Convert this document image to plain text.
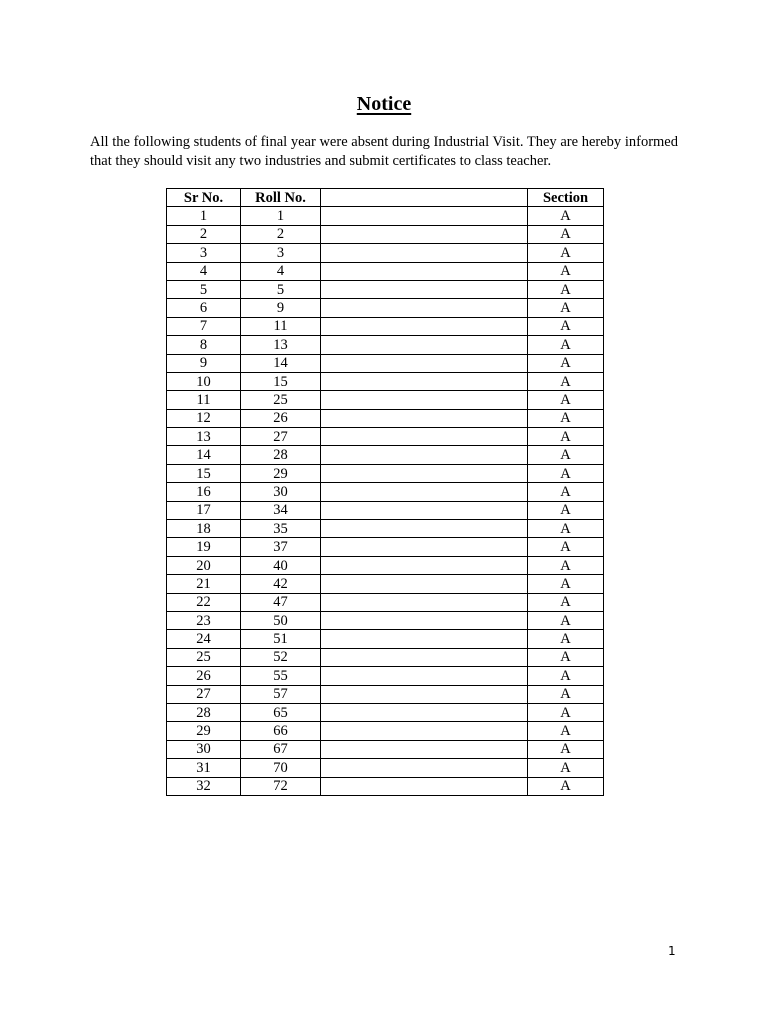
Notice

All the following students of final year were absent during Industrial Visit. They are hereby informed that they should visit any two industries and submit certificates to class teacher.

Sr No.	Roll No.		Section
1	1		A
2	2		A
3	3		A
4	4		A
5	5		A
6	9		A
7	11		A
8	13		A
9	14		A
10	15		A
11	25		A
12	26		A
13	27		A
14	28		A
15	29		A
16	30		A
17	34		A
18	35		A
19	37		A
20	40		A
21	42		A
22	47		A
23	50		A
24	51		A
25	52		A
26	55		A
27	57		A
28	65		A
29	66		A
30	67		A
31	70		A
32	72		A
1
